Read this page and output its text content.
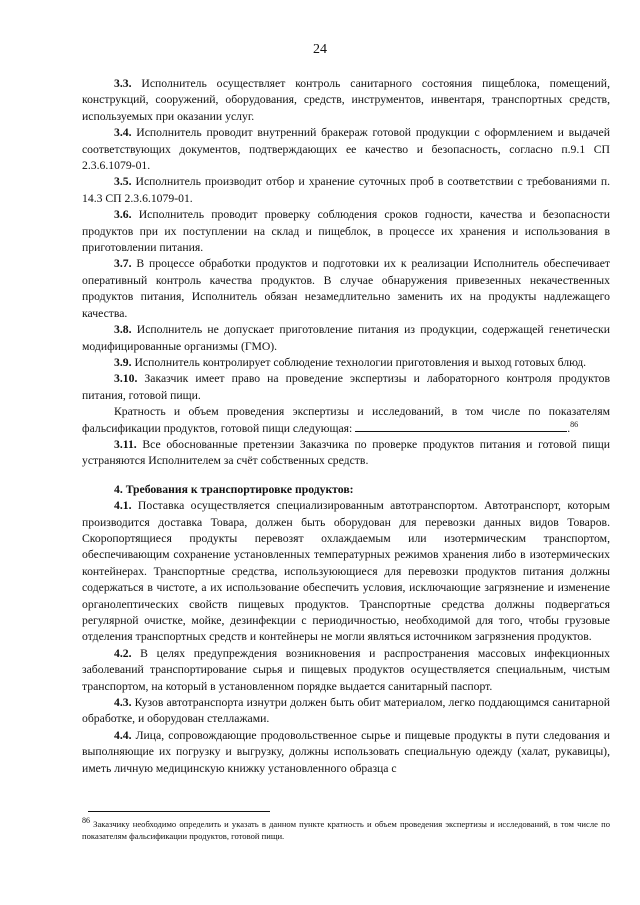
24

3.3. Исполнитель осуществляет контроль санитарного состояния пищеблока, помещений, конструкций, сооружений, оборудования, средств, инструментов, инвентаря, транспортных средств, используемых при оказании услуг.

3.4. Исполнитель проводит внутренний бракераж готовой продукции с оформлением и выдачей соответствующих документов, подтверждающих ее качество и безопасность, согласно п.9.1 СП 2.3.6.1079-01.

3.5. Исполнитель производит отбор и хранение суточных проб в соответствии с требованиями п. 14.3 СП 2.3.6.1079-01.

3.6. Исполнитель проводит проверку соблюдения сроков годности, качества и безопасности продуктов при их поступлении на склад и пищеблок, в процессе их хранения и использования в приготовлении питания.

3.7. В процессе обработки продуктов и подготовки их к реализации Исполнитель обеспечивает оперативный контроль качества продуктов. В случае обнаружения привезенных некачественных продуктов питания, Исполнитель обязан незамедлительно заменить их на продукты надлежащего качества.

3.8. Исполнитель не допускает приготовление питания из продукции, содержащей генетически модифицированные организмы (ГМО).

3.9. Исполнитель контролирует соблюдение технологии приготовления и выход готовых блюд.

3.10. Заказчик имеет право на проведение экспертизы и лабораторного контроля продуктов питания, готовой пищи.

Кратность и объем проведения экспертизы и исследований, в том числе по показателям фальсификации продуктов, готовой пищи следующая:	.$^{86}$

3.11. Все обоснованные претензии Заказчика по проверке продуктов питания и готовой пищи устраняются Исполнителем за счёт собственных средств.

4. Требования к транспортировке продуктов:

4.1. Поставка осуществляется специализированным автотранспортом. Автотранспорт, которым производится доставка Товара, должен быть оборудован для перевозки данных видов Товаров. Скоропортящиеся продукты перевозят охлаждаемым или изотермическим транспортом, обеспечивающим сохранение установленных температурных режимов хранения либо в изотермических контейнерах. Транспортные средства, используюющиеся для перевозки продуктов питания должны содержаться в чистоте, а их использование обеспечить условия, исключающие загрязнение и изменение органолептических свойств пищевых продуктов. Транспортные средства должны подвергаться регулярной очистке, мойке, дезинфекции с периодичностью, необходимой для того, чтобы грузовые отделения транспортных средств и контейнеры не могли являться источником загрязнения продуктов.

4.2. В целях предупреждения возникновения и распространения массовых инфекционных заболеваний транспортирование сырья и пищевых продуктов осуществляется специальным, чистым транспортом, на который в установленном порядке выдается санитарный паспорт.

4.3. Кузов автотранспорта изнутри должен быть обит материалом, легко поддающимся санитарной обработке, и оборудован стеллажами.

4.4. Лица, сопровождающие продовольственное сырье и пищевые продукты в пути следования и выполняющие их погрузку и выгрузку, должны использовать специальную одежду (халат, рукавицы), иметь личную медицинскую книжку установленного образца с

86 Заказчику необходимо определить и указать в данном пункте кратность и объем проведения экспертизы и исследований, в том числе по показателям фальсификации продуктов, готовой пищи.
